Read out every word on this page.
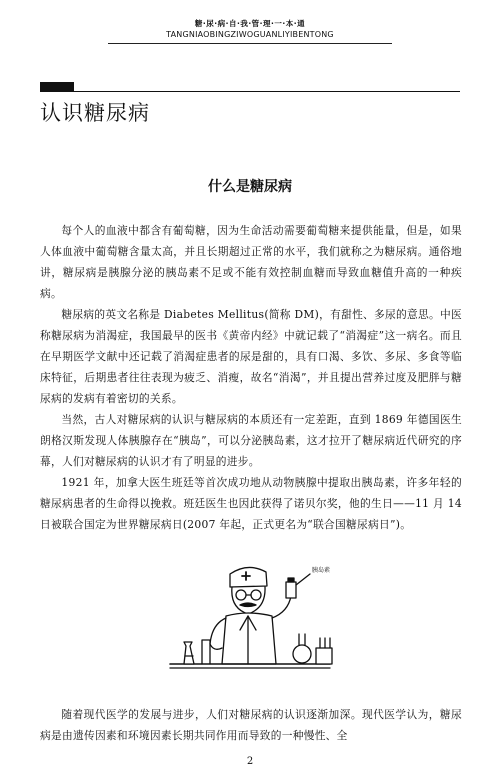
糖·尿·病·自·我·管·理·一·本·通
TANGNIAOBINGZIWOGUANLIYIBENTONG
认识糖尿病
什么是糖尿病

每个人的血液中都含有葡萄糖，因为生命活动需要葡萄糖来提供能量，但是，如果人体血液中葡萄糖含量太高，并且长期超过正常的水平，我们就称之为糖尿病。通俗地讲，糖尿病是胰腺分泌的胰岛素不足或不能有效控制血糖而导致血糖值升高的一种疾病。

糖尿病的英文名称是 Diabetes Mellitus(简称 DM)，有甜性、多尿的意思。中医称糖尿病为消渴症，我国最早的医书《黄帝内经》中就记载了“消渴症”这一病名。而且在早期医学文献中还记载了消渴症患者的尿是甜的，具有口渴、多饮、多尿、多食等临床特征，后期患者往往表现为疲乏、消瘦，故名“消渴”，并且提出营养过度及肥胖与糖尿病的发病有着密切的关系。

当然，古人对糖尿病的认识与糖尿病的本质还有一定差距，直到 1869 年德国医生朗格汉斯发现人体胰腺存在“胰岛”，可以分泌胰岛素，这才拉开了糖尿病近代研究的序幕，人们对糖尿病的认识才有了明显的进步。

1921 年，加拿大医生班廷等首次成功地从动物胰腺中提取出胰岛素，许多年轻的糖尿病患者的生命得以挽救。班廷医生也因此获得了诺贝尔奖，他的生日——11 月 14 日被联合国定为世界糖尿病日(2007 年起，正式更名为“联合国糖尿病日”)。

胰岛素

随着现代医学的发展与进步，人们对糖尿病的认识逐渐加深。现代医学认为，糖尿病是由遗传因素和环境因素长期共同作用而导致的一种慢性、全

2
